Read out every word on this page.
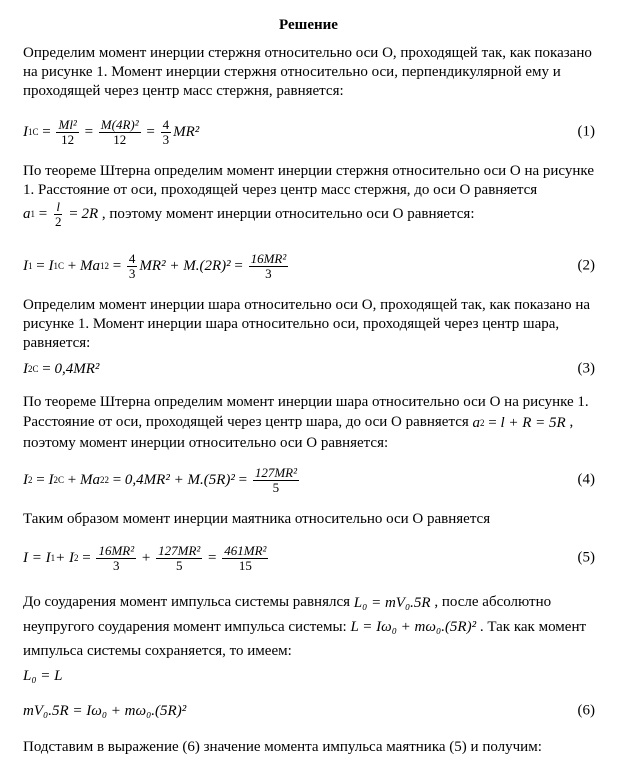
Решение
Определим момент инерции стержня относительно оси О, проходящей так, как показано на рисунке 1. Момент инерции стержня относительно оси, перпендикулярной ему и проходящей через центр масс стержня, равняется:
I $1C = \frac{\text{Ml²}}{12} = \frac{\text{M(4R)²}}{12} = \frac{4}{3} MR^2$	(1)
По теореме Штерна определим момент инерции стержня относительно оси О на рисунке 1. Расстояние от оси, проходящей через центр масс стержня, до оси О равняется

a $1 = \frac{l}{2} = 2R$ , поэтому момент инерции относительно оси О равняется:
I 1 = I 1C + Ma 1 $2 = \frac{4}{3} MR^2 + M.(2R)^2 = \frac{\text{16MR²}}{3}$	(2)
Определим момент инерции шара относительно оси О, проходящей так, как показано на рисунке 1. Момент инерции шара относительно оси, проходящей через центр шара, равняется:
I 2C = 0,4MR²	(3)
По теореме Штерна определим момент инерции шара относительно оси О на рисунке 1. Расстояние от оси, проходящей через центр шара, до оси О равняется a 2 = l + R = 5R , поэтому момент инерции относительно оси О равняется:
I 2 = I 2C + Ma 2 $2 = 0,4MR^2 + M.(5R)^2 = \frac{\text{127MR²}}{5}$	(4)
Таким образом момент инерции маятника относительно оси О равняется
I = I 1 + I $2 = \frac{\text{16MR²}}{3} + \frac{\text{127MR²}}{5} = \frac{\text{461MR²}}{15}$	(5)
До соударения момент импульса системы равнялся L₀ = mV₀.5R , после абсолютно неупругого соударения момент импульса системы: L = Iω₀ + mω₀.(5R)² . Так как момент импульса системы сохраняется, то имеем:
L₀ = L
mV₀.5R = Iω₀ + mω₀.(5R)²	(6)
Подставим в выражение (6) значение момента импульса маятника (5) и получим:
